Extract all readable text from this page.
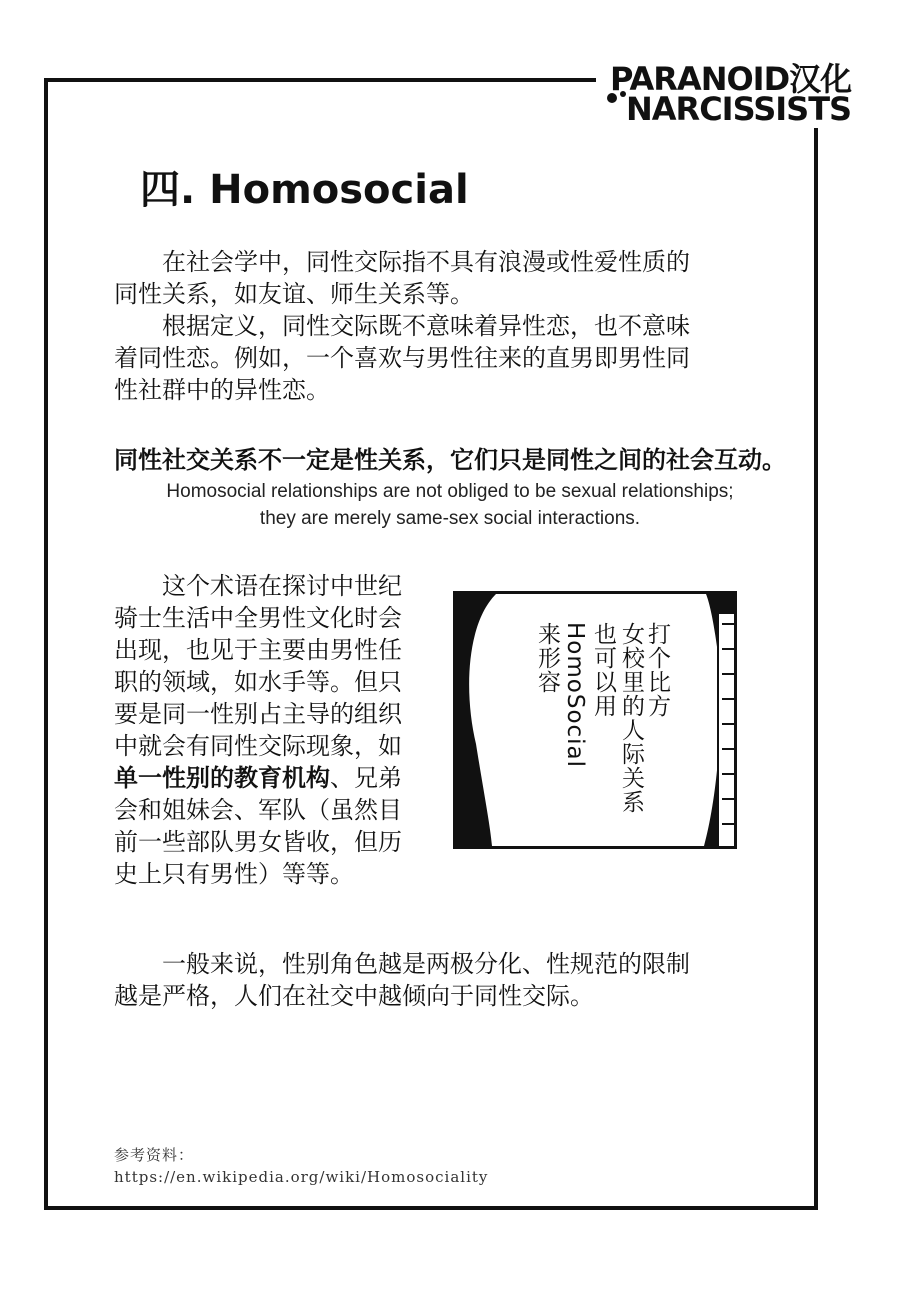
PARANOID汉化
NARCISSISTS
四. Homosocial
在社会学中，同性交际指不具有浪漫或性爱性质的
同性关系，如友谊、师生关系等。
根据定义，同性交际既不意味着异性恋，也不意味
着同性恋。例如，一个喜欢与男性往来的直男即男性同
性社群中的异性恋。
同性社交关系不一定是性关系，它们只是同性之间的社会互动。
Homosocial relationships are not obliged to be sexual relationships;
they are merely same-sex social interactions.
这个术语在探讨中世纪
骑士生活中全男性文化时会
出现，也见于主要由男性任
职的领域，如水手等。但只
要是同一性别占主导的组织
中就会有同性交际现象，如
单一性别的教育机构、兄弟
会和姐妹会、军队（虽然目
前一些部队男女皆收，但历
史上只有男性）等等。
打个比方
女校里的人际关系
也可以用
HomoSocial
来形容
一般来说，性别角色越是两极分化、性规范的限制
越是严格，人们在社交中越倾向于同性交际。
参考资料：
https://en.wikipedia.org/wiki/Homosociality
